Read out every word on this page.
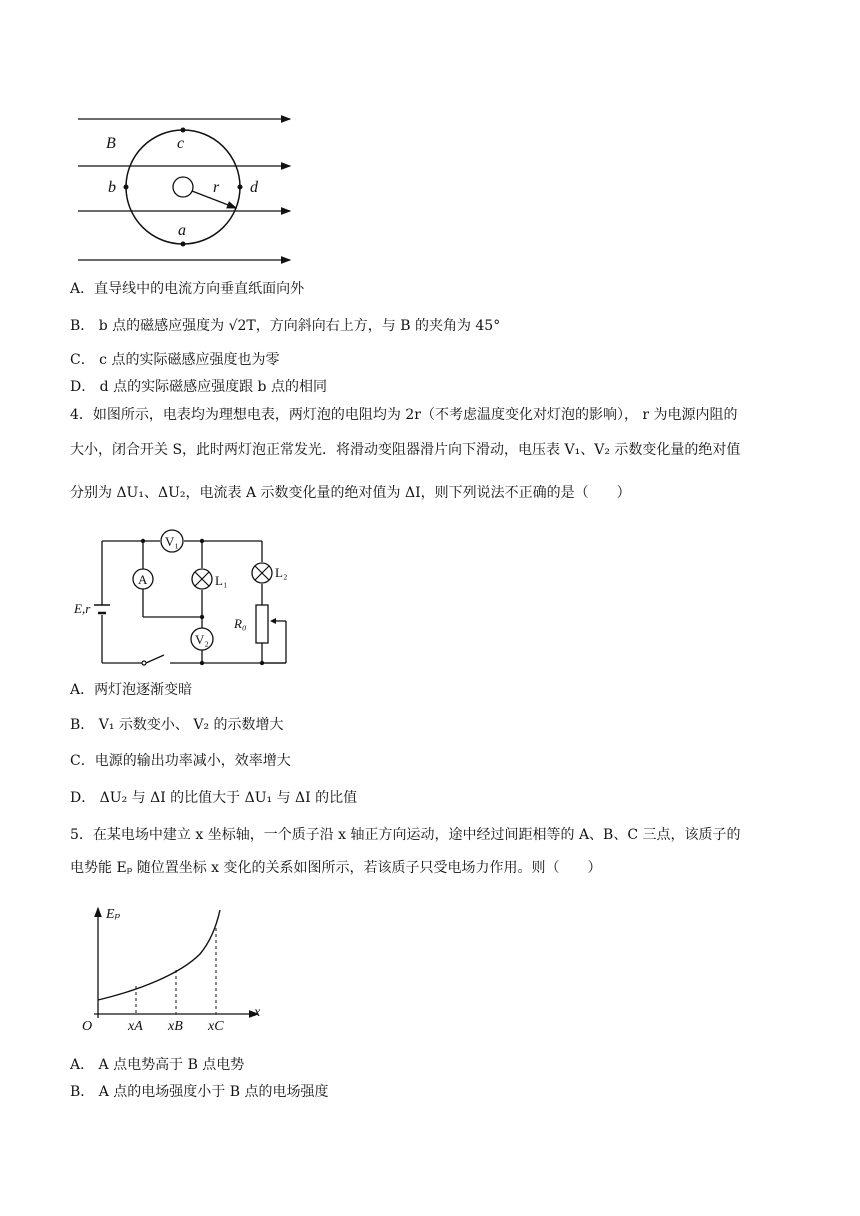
B	c
b	r d
a
A．直导线中的电流方向垂直纸面向外
B． b 点的磁感应强度为 √2T，方向斜向右上方，与 B 的夹角为 45°
C． c 点的实际磁感应强度也为零
D． d 点的实际磁感应强度跟 b 点的相同
4．如图所示，电表均为理想电表，两灯泡的电阻均为 2r（不考虑温度变化对灯泡的影响）， r 为电源内阻的
大小，闭合开关 S，此时两灯泡正常发光．将滑动变阻器滑片向下滑动，电压表 V₁、V₂ 示数变化量的绝对值
分别为 ΔU₁、ΔU₂，电流表 A 示数变化量的绝对值为 ΔI，则下列说法不正确的是（　　）
V₁
A	L₁
L₂
E,r
V₂
R₀
A．两灯泡逐渐变暗
B． V₁ 示数变小、 V₂ 的示数增大
C．电源的输出功率减小，效率增大
D． ΔU₂ 与 ΔI 的比值大于 ΔU₁ 与 ΔI 的比值
5．在某电场中建立 x 坐标轴，一个质子沿 x 轴正方向运动，途中经过间距相等的 A、B、C 三点，该质子的
电势能 Eₚ 随位置坐标 x 变化的关系如图所示，若该质子只受电场力作用。则（　　）
Eₚ
x
O	xA xB xC
A． A 点电势高于 B 点电势
B． A 点的电场强度小于 B 点的电场强度
